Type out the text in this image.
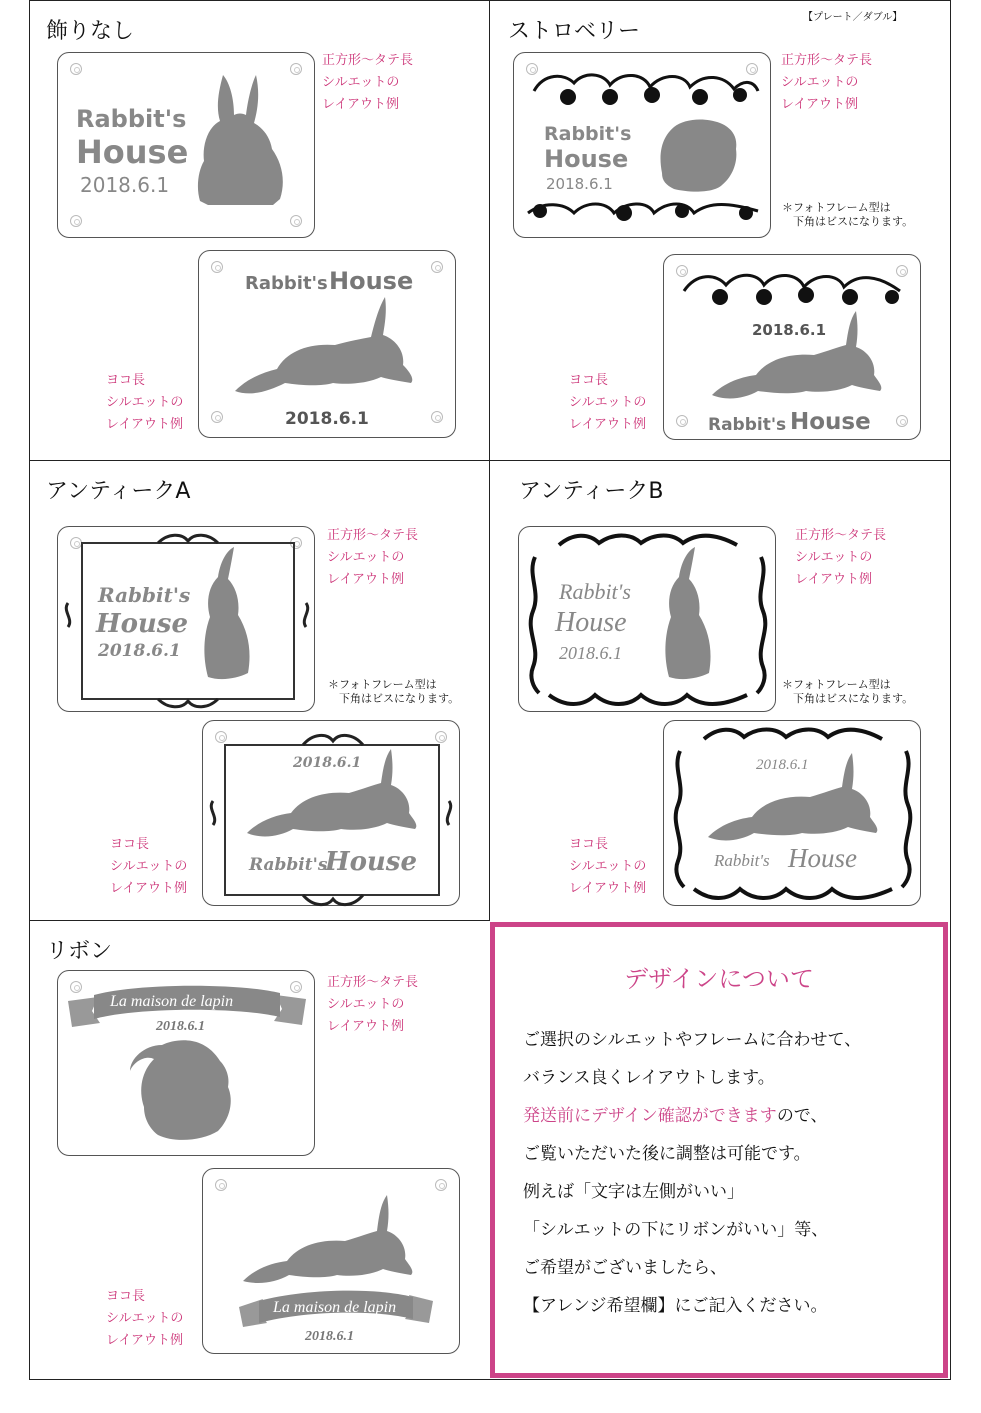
【プレート／ダブル】
飾りなし
Rabbit's
House
2018.6.1
正方形～タテ長
シルエットの
レイアウト例
Rabbit's House
2018.6.1
ヨコ長
シルエットの
レイアウト例
ストロベリー
Rabbit's
House
2018.6.1
正方形～タテ長
シルエットの
レイアウト例
＊フォトフレーム型は
　下角はビスになります。
2018.6.1
Rabbit's House
ヨコ長
シルエットの
レイアウト例
アンティークA
Rabbit's
House
2018.6.1
正方形～タテ長
シルエットの
レイアウト例
＊フォトフレーム型は
　下角はビスになります。
2018.6.1
Rabbit's
House
ヨコ長
シルエットの
レイアウト例
アンティークB
Rabbit's
House
2018.6.1
正方形～タテ長
シルエットの
レイアウト例
＊フォトフレーム型は
　下角はビスになります。
2018.6.1
Rabbit's House
ヨコ長
シルエットの
レイアウト例
リボン
La maison de lapin
2018.6.1
正方形～タテ長
シルエットの
レイアウト例
La maison de lapin
2018.6.1
ヨコ長
シルエットの
レイアウト例
デザインについて
ご選択のシルエットやフレームに合わせて、
バランス良くレイアウトします。
発送前にデザイン確認ができますので、
ご覧いただいた後に調整は可能です。
例えば「文字は左側がいい」
「シルエットの下にリボンがいい」等、
ご希望がございましたら、
【アレンジ希望欄】にご記入ください。
